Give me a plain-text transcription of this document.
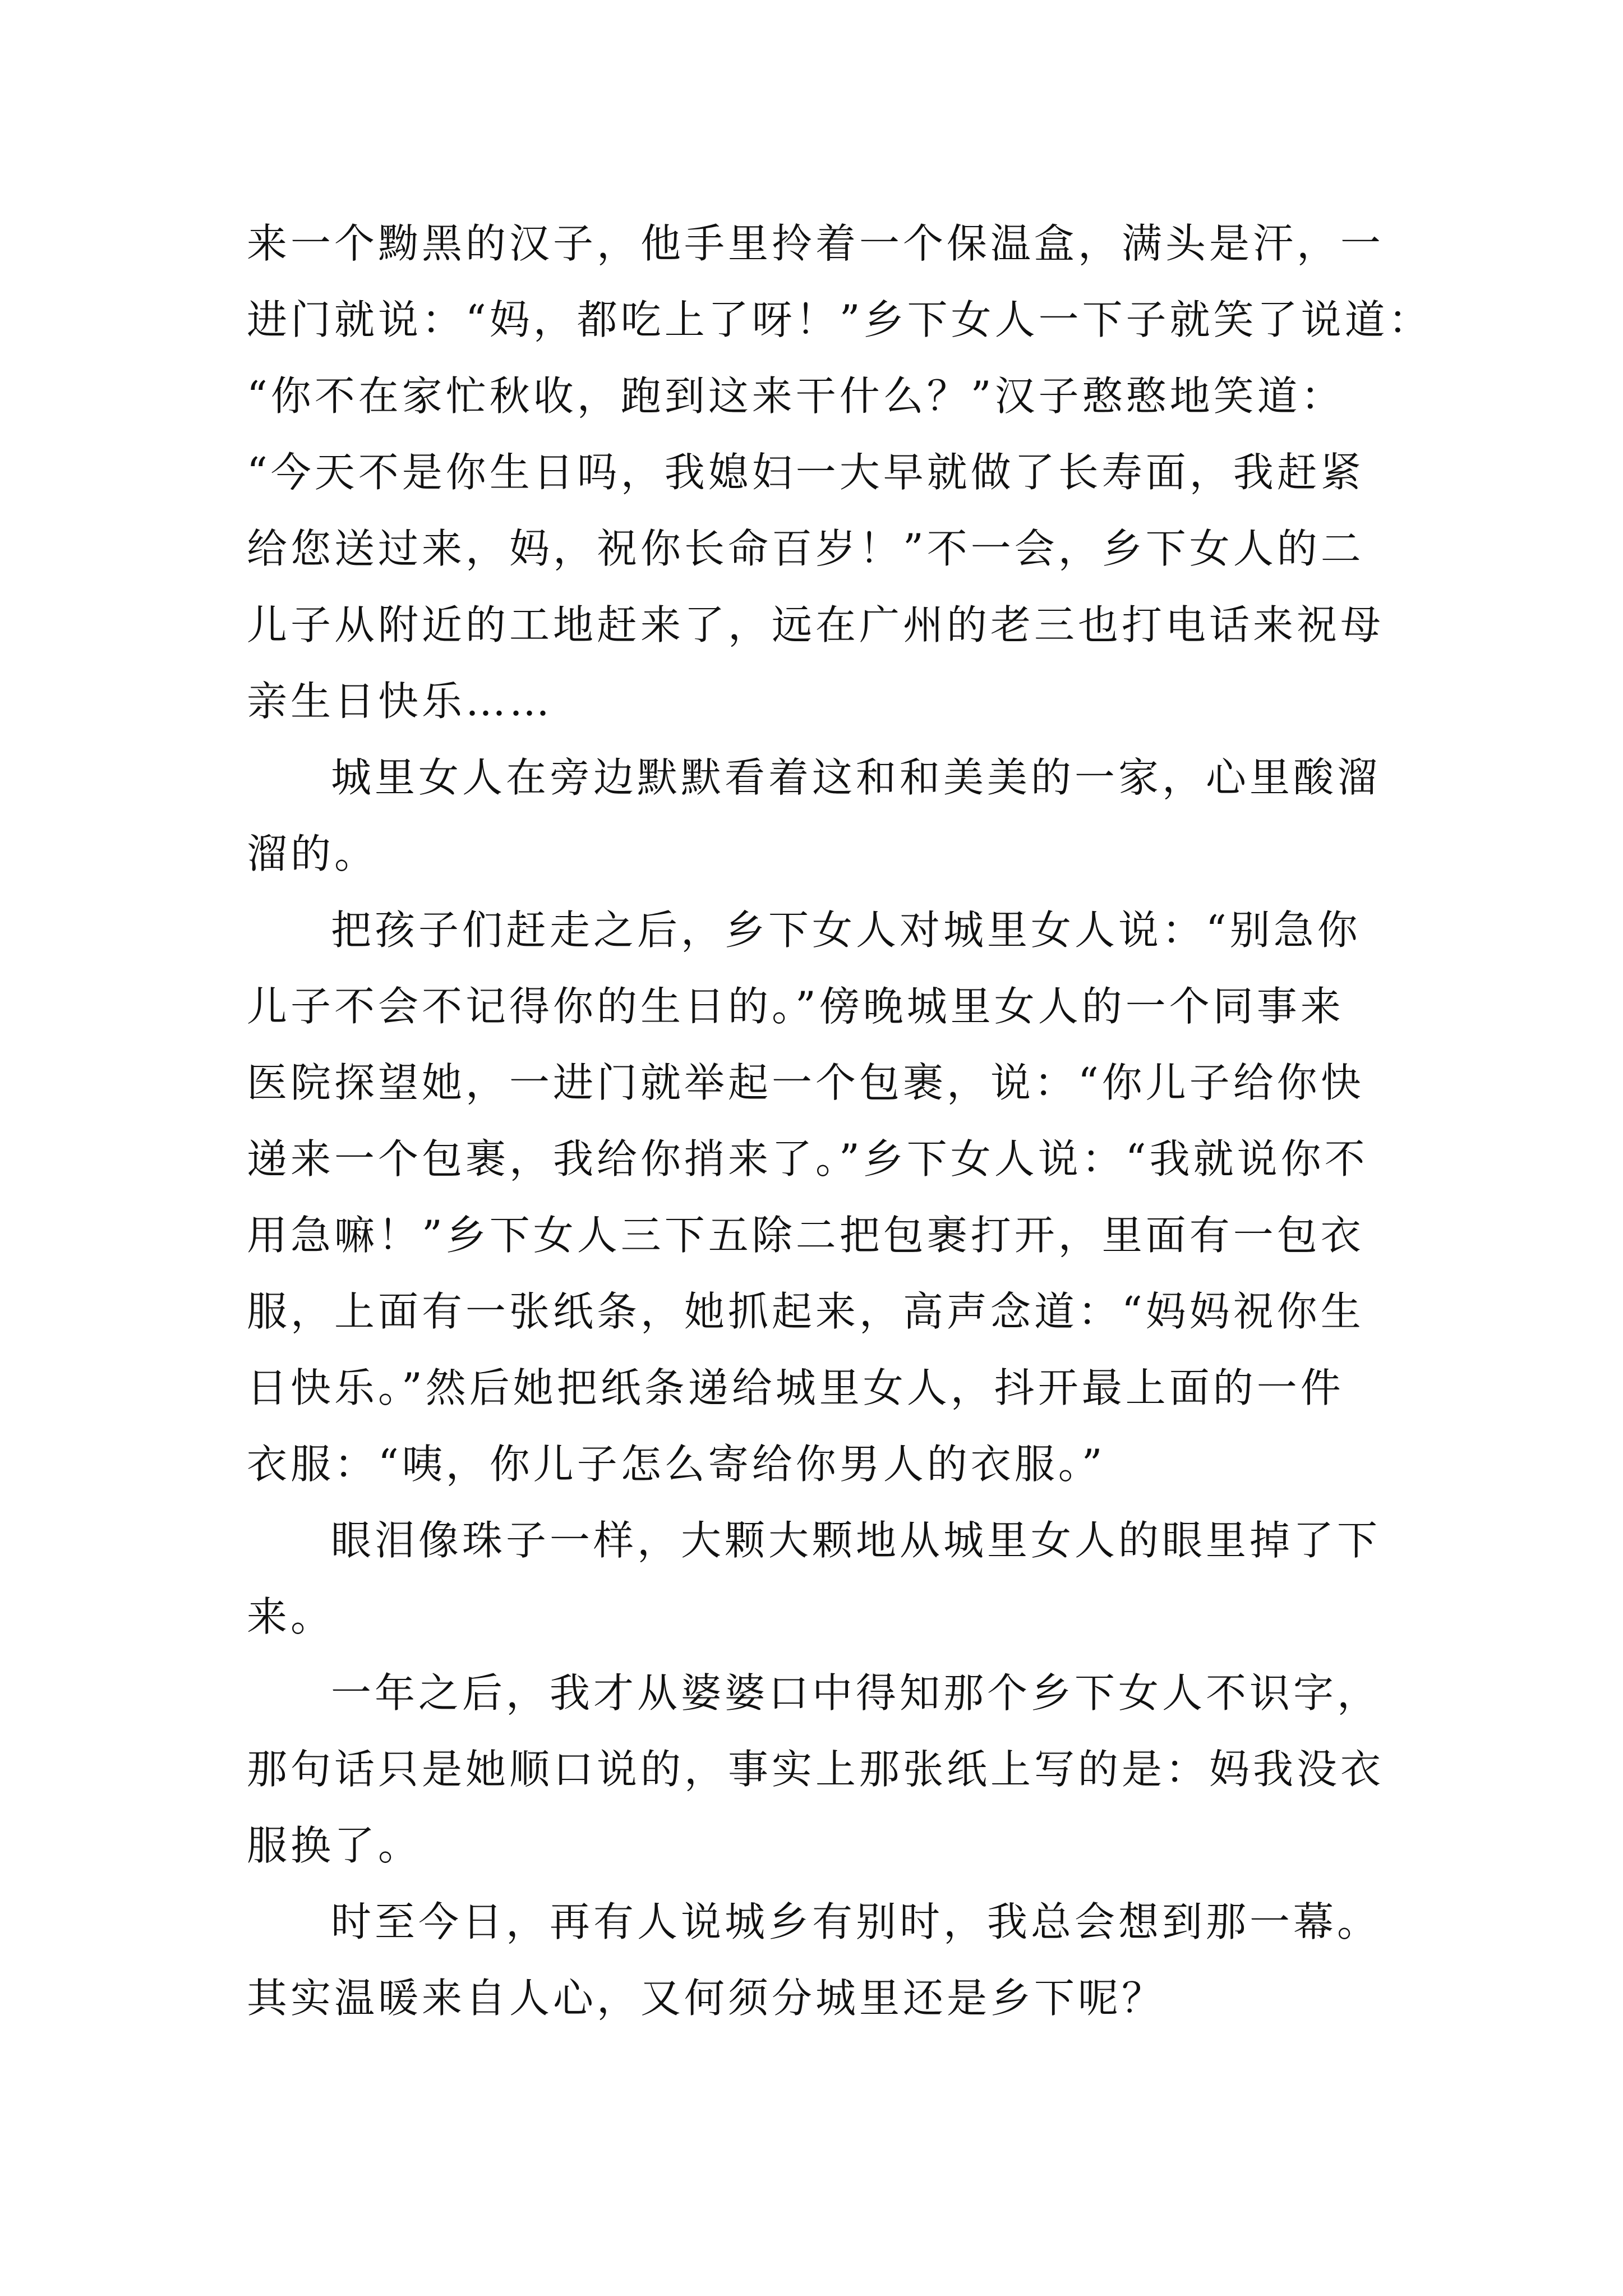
来一个黝黑的汉子，他手里拎着一个保温盒，满头是汗，一
进门就说：“妈，都吃上了呀！”乡下女人一下子就笑了说道：
“你不在家忙秋收，跑到这来干什么？”汉子憨憨地笑道：
“今天不是你生日吗，我媳妇一大早就做了长寿面，我赶紧
给您送过来，妈，祝你长命百岁！”不一会，乡下女人的二
儿子从附近的工地赶来了，远在广州的老三也打电话来祝母
亲生日快乐……
城里女人在旁边默默看着这和和美美的一家，心里酸溜
溜的。
把孩子们赶走之后，乡下女人对城里女人说：“别急你
儿子不会不记得你的生日的。”傍晚城里女人的一个同事来
医院探望她，一进门就举起一个包裹，说：“你儿子给你快
递来一个包裹，我给你捎来了。”乡下女人说：“我就说你不
用急嘛！”乡下女人三下五除二把包裹打开，里面有一包衣
服，上面有一张纸条，她抓起来，高声念道：“妈妈祝你生
日快乐。”然后她把纸条递给城里女人，抖开最上面的一件
衣服：“咦，你儿子怎么寄给你男人的衣服。”
眼泪像珠子一样，大颗大颗地从城里女人的眼里掉了下
来。
一年之后，我才从婆婆口中得知那个乡下女人不识字，
那句话只是她顺口说的，事实上那张纸上写的是：妈我没衣
服换了。
时至今日，再有人说城乡有别时，我总会想到那一幕。
其实温暖来自人心，又何须分城里还是乡下呢？
